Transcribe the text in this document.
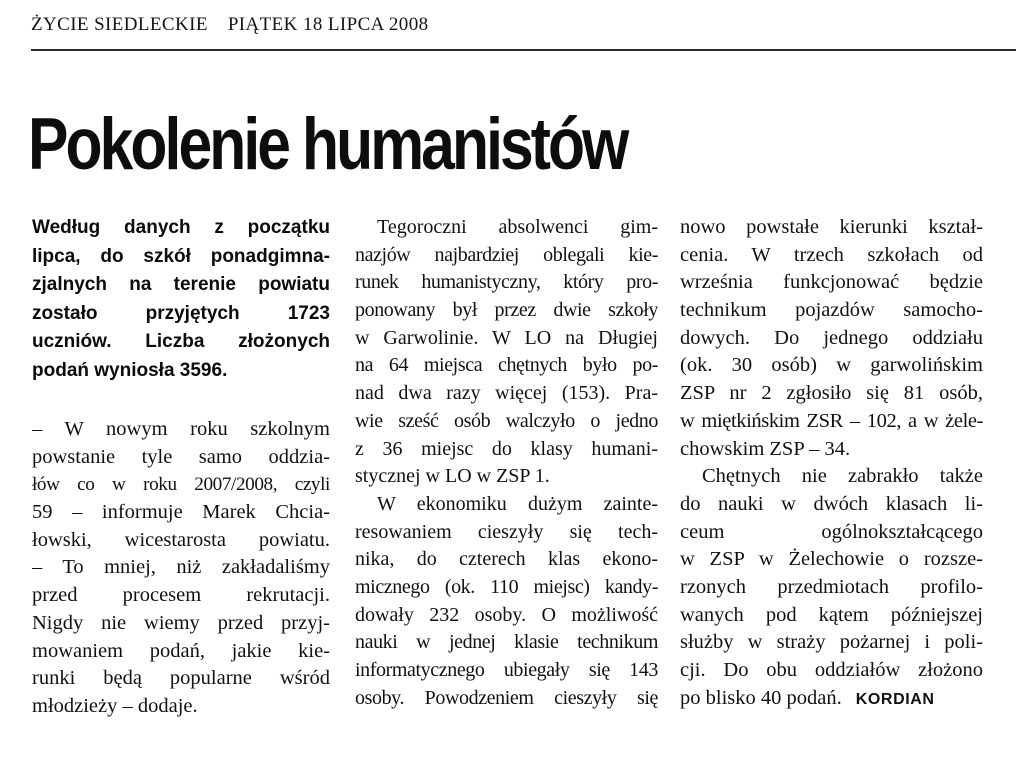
ŻYCIE SIEDLECKIE PIĄTEK 18 LIPCA 2008
Pokolenie humanistów
Według danych z początku
lipca, do szkół ponadgimna-
zjalnych na terenie powiatu
zostało przyjętych 1723
uczniów. Liczba złożonych
podań wyniosła 3596.
– W nowym roku szkolnym
powstanie tyle samo oddzia-
łów co w roku 2007/2008, czyli
59 – informuje Marek Chcia-
łowski, wicestarosta powiatu.
– To mniej, niż zakładaliśmy
przed procesem rekrutacji.
Nigdy nie wiemy przed przyj-
mowaniem podań, jakie kie-
runki będą popularne wśród
młodzieży – dodaje.
Tegoroczni absolwenci gim-
nazjów najbardziej oblegali kie-
runek humanistyczny, który pro-
ponowany był przez dwie szkoły
w Garwolinie. W LO na Długiej
na 64 miejsca chętnych było po-
nad dwa razy więcej (153). Pra-
wie sześć osób walczyło o jedno
z 36 miejsc do klasy humani-
stycznej w LO w ZSP 1.
W ekonomiku dużym zainte-
resowaniem cieszyły się tech-
nika, do czterech klas ekono-
micznego (ok. 110 miejsc) kandy-
dowały 232 osoby. O możliwość
nauki w jednej klasie technikum
informatycznego ubiegały się 143
osoby. Powodzeniem cieszyły się
nowo powstałe kierunki kształ-
cenia. W trzech szkołach od
września funkcjonować będzie
technikum pojazdów samocho-
dowych. Do jednego oddziału
(ok. 30 osób) w garwolińskim
ZSP nr 2 zgłosiło się 81 osób,
w miętkińskim ZSR – 102, a w żele-
chowskim ZSP – 34.
Chętnych nie zabrakło także
do nauki w dwóch klasach li-
ceum ogólnokształcącego
w ZSP w Żelechowie o rozsze-
rzonych przedmiotach profilo-
wanych pod kątem późniejszej
służby w straży pożarnej i poli-
cji. Do obu oddziałów złożono
po blisko 40 podań. KORDIAN
